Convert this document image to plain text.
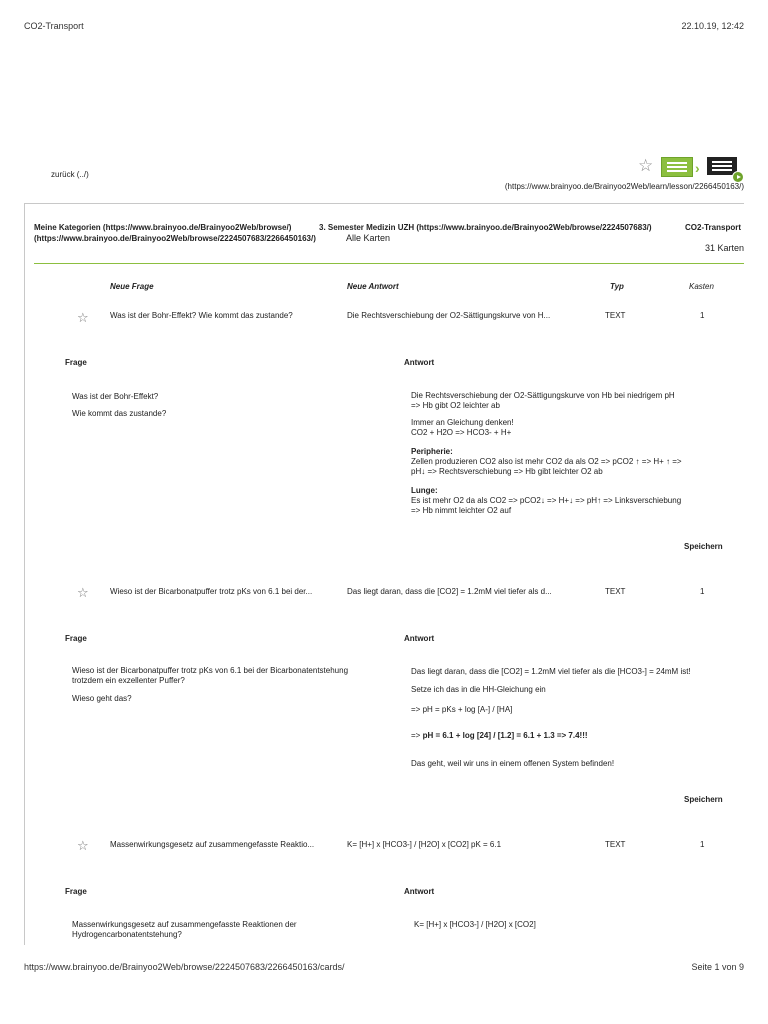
CO2-Transport	22.10.19, 12:42
zurück (../)	☆	›
(https://www.brainyoo.de/Brainyoo2Web/learn/lesson/2266450163/)
Meine Kategorien (https://www.brainyoo.de/Brainyoo2Web/browse/)	3. Semester Medizin UZH (https://www.brainyoo.de/Brainyoo2Web/browse/2224507683/)	CO2-Transport
(https://www.brainyoo.de/Brainyoo2Web/browse/2224507683/2266450163/)	Alle Karten
31 Karten
Neue Frage	Neue Antwort	Typ	Kasten
☆	Was ist der Bohr-Effekt? Wie kommt das zustande?	Die Rechtsverschiebung der O2-Sättigungskurve von H...	TEXT	1
Frage	Antwort
Was ist der Bohr-Effekt?
Wie kommt das zustande?
Die Rechtsverschiebung der O2-Sättigungskurve von Hb bei niedrigem pH
=> Hb gibt O2 leichter ab
Immer an Gleichung denken!
CO2 + H2O => HCO3- + H+
Peripherie:
Zellen produzieren CO2 also ist mehr CO2 da als O2 => pCO2 ↑ => H+ ↑ =>
pH↓ => Rechtsverschiebung => Hb gibt leichter O2 ab
Lunge:
Es ist mehr O2 da als CO2 => pCO2↓ => H+↓ => pH↑ => Linksverschiebung
=> Hb nimmt leichter O2 auf
Speichern
☆	Wieso ist der Bicarbonatpuffer trotz pKs von 6.1 bei der...	Das liegt daran, dass die [CO2] = 1.2mM viel tiefer als d...	TEXT	1
Frage	Antwort
Wieso ist der Bicarbonatpuffer trotz pKs von 6.1 bei der Bicarbonatentstehung
trotzdem ein exzellenter Puffer?
Wieso geht das?
Das liegt daran, dass die [CO2] = 1.2mM viel tiefer als die [HCO3-] = 24mM ist!
Setze ich das in die HH-Gleichung ein
=> pH = pKs + log [A-] / [HA]
=> pH = 6.1 + log [24] / [1.2] = 6.1 + 1.3 => 7.4!!!
Das geht, weil wir uns in einem offenen System befinden!
Speichern
☆	Massenwirkungsgesetz auf zusammengefasste Reaktio...	K= [H+] x [HCO3-] / [H2O] x [CO2] pK = 6.1	TEXT	1
Frage	Antwort
Massenwirkungsgesetz auf zusammengefasste Reaktionen der
Hydrogencarbonatentstehung?
K= [H+] x [HCO3-] / [H2O] x [CO2]
https://www.brainyoo.de/Brainyoo2Web/browse/2224507683/2266450163/cards/	Seite 1 von 9
